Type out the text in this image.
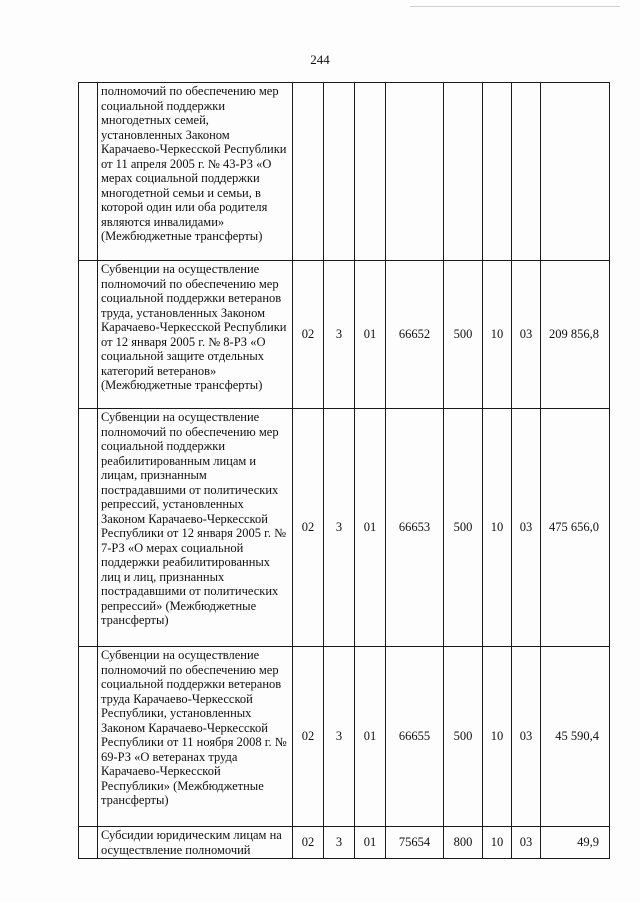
244
	полномочий по обеспечению мер социальной поддержки многодетных семей, установленных Законом Карачаево-Черкесской Республики от 11 апреля 2005 г. № 43-РЗ «О мерах социальной поддержки многодетной семьи и семьи, в которой один или оба родителя являются инвалидами» (Межбюджетные трансферты)								
	Субвенции на осуществление полномочий по обеспечению мер социальной поддержки ветеранов труда, установленных Законом Карачаево-Черкесской Республики от 12 января 2005 г. № 8-РЗ «О социальной защите отдельных категорий ветеранов» (Межбюджетные трансферты)	02	3	01	66652	500	10	03	209 856,8
	Субвенции на осуществление полномочий по обеспечению мер социальной поддержки реабилитированным лицам и лицам, признанным пострадавшими от политических репрессий, установленных Законом Карачаево-Черкесской Республики от 12 января 2005 г. № 7-РЗ «О мерах социальной поддержки реабилитированных лиц и лиц, признанных пострадавшими от политических репрессий» (Межбюджетные трансферты)	02	3	01	66653	500	10	03	475 656,0
	Субвенции на осуществление полномочий по обеспечению мер социальной поддержки ветеранов труда Карачаево-Черкесской Республики, установленных Законом Карачаево-Черкесской Республики от 11 ноября 2008 г. № 69-РЗ «О ветеранах труда Карачаево-Черкесской Республики» (Межбюджетные трансферты)	02	3	01	66655	500	10	03	45 590,4
	Субсидии юридическим лицам на осуществление полномочий	02	3	01	75654	800	10	03	49,9
